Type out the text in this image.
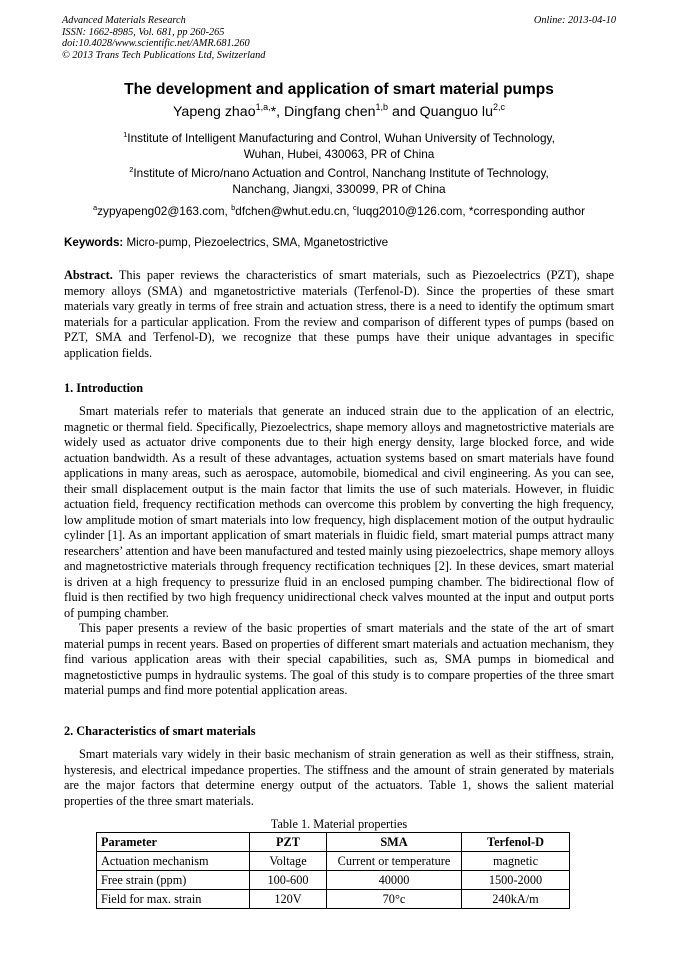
Advanced Materials Research
ISSN: 1662-8985, Vol. 681, pp 260-265
doi:10.4028/www.scientific.net/AMR.681.260
© 2013 Trans Tech Publications Ltd, Switzerland
Online: 2013-04-10
The development and application of smart material pumps
Yapeng zhao$^{1,a,}$*, Dingfang chen$^{1,b}$ and Quanguo lu$^{2,c}$
$^1$Institute of Intelligent Manufacturing and Control, Wuhan University of Technology,
Wuhan, Hubei, 430063, PR of China
$^2$Institute of Micro/nano Actuation and Control, Nanchang Institute of Technology,
Nanchang, Jiangxi, 330099, PR of China
$^a$zypyapeng02@163.com, $^b$dfchen@whut.edu.cn, $^c$luqg2010@126.com, *corresponding author
Keywords: Micro-pump, Piezoelectrics, SMA, Mganetostrictive

Abstract. This paper reviews the characteristics of smart materials, such as Piezoelectrics (PZT), shape memory alloys (SMA) and mganetostrictive materials (Terfenol-D). Since the properties of these smart materials vary greatly in terms of free strain and actuation stress, there is a need to identify the optimum smart materials for a particular application. From the review and comparison of different types of pumps (based on PZT, SMA and Terfenol-D), we recognize that these pumps have their unique advantages in specific application fields.

1. Introduction

Smart materials refer to materials that generate an induced strain due to the application of an electric, magnetic or thermal field. Specifically, Piezoelectrics, shape memory alloys and magnetostrictive materials are widely used as actuator drive components due to their high energy density, large blocked force, and wide actuation bandwidth. As a result of these advantages, actuation systems based on smart materials have found applications in many areas, such as aerospace, automobile, biomedical and civil engineering. As you can see, their small displacement output is the main factor that limits the use of such materials. However, in fluidic actuation field, frequency rectification methods can overcome this problem by converting the high frequency, low amplitude motion of smart materials into low frequency, high displacement motion of the output hydraulic cylinder [1]. As an important application of smart materials in fluidic field, smart material pumps attract many researchers’ attention and have been manufactured and tested mainly using piezoelectrics, shape memory alloys and magnetostrictive materials through frequency rectification techniques [2]. In these devices, smart material is driven at a high frequency to pressurize fluid in an enclosed pumping chamber. The bidirectional flow of fluid is then rectified by two high frequency unidirectional check valves mounted at the input and output ports of pumping chamber.

This paper presents a review of the basic properties of smart materials and the state of the art of smart material pumps in recent years. Based on properties of different smart materials and actuation mechanism, they find various application areas with their special capabilities, such as, SMA pumps in biomedical and magnetostictive pumps in hydraulic systems. The goal of this study is to compare properties of the three smart material pumps and find more potential application areas.

2. Characteristics of smart materials

Smart materials vary widely in their basic mechanism of strain generation as well as their stiffness, strain, hysteresis, and electrical impedance properties. The stiffness and the amount of strain generated by materials are the major factors that determine energy output of the actuators. Table 1, shows the salient material properties of the three smart materials.

Table 1. Material properties
Parameter	PZT	SMA	Terfenol-D
Actuation mechanism	Voltage	Current or temperature	magnetic
Free strain (ppm)	100-600	40000	1500-2000
Field for max. strain	120V	70°c	240kA/m
